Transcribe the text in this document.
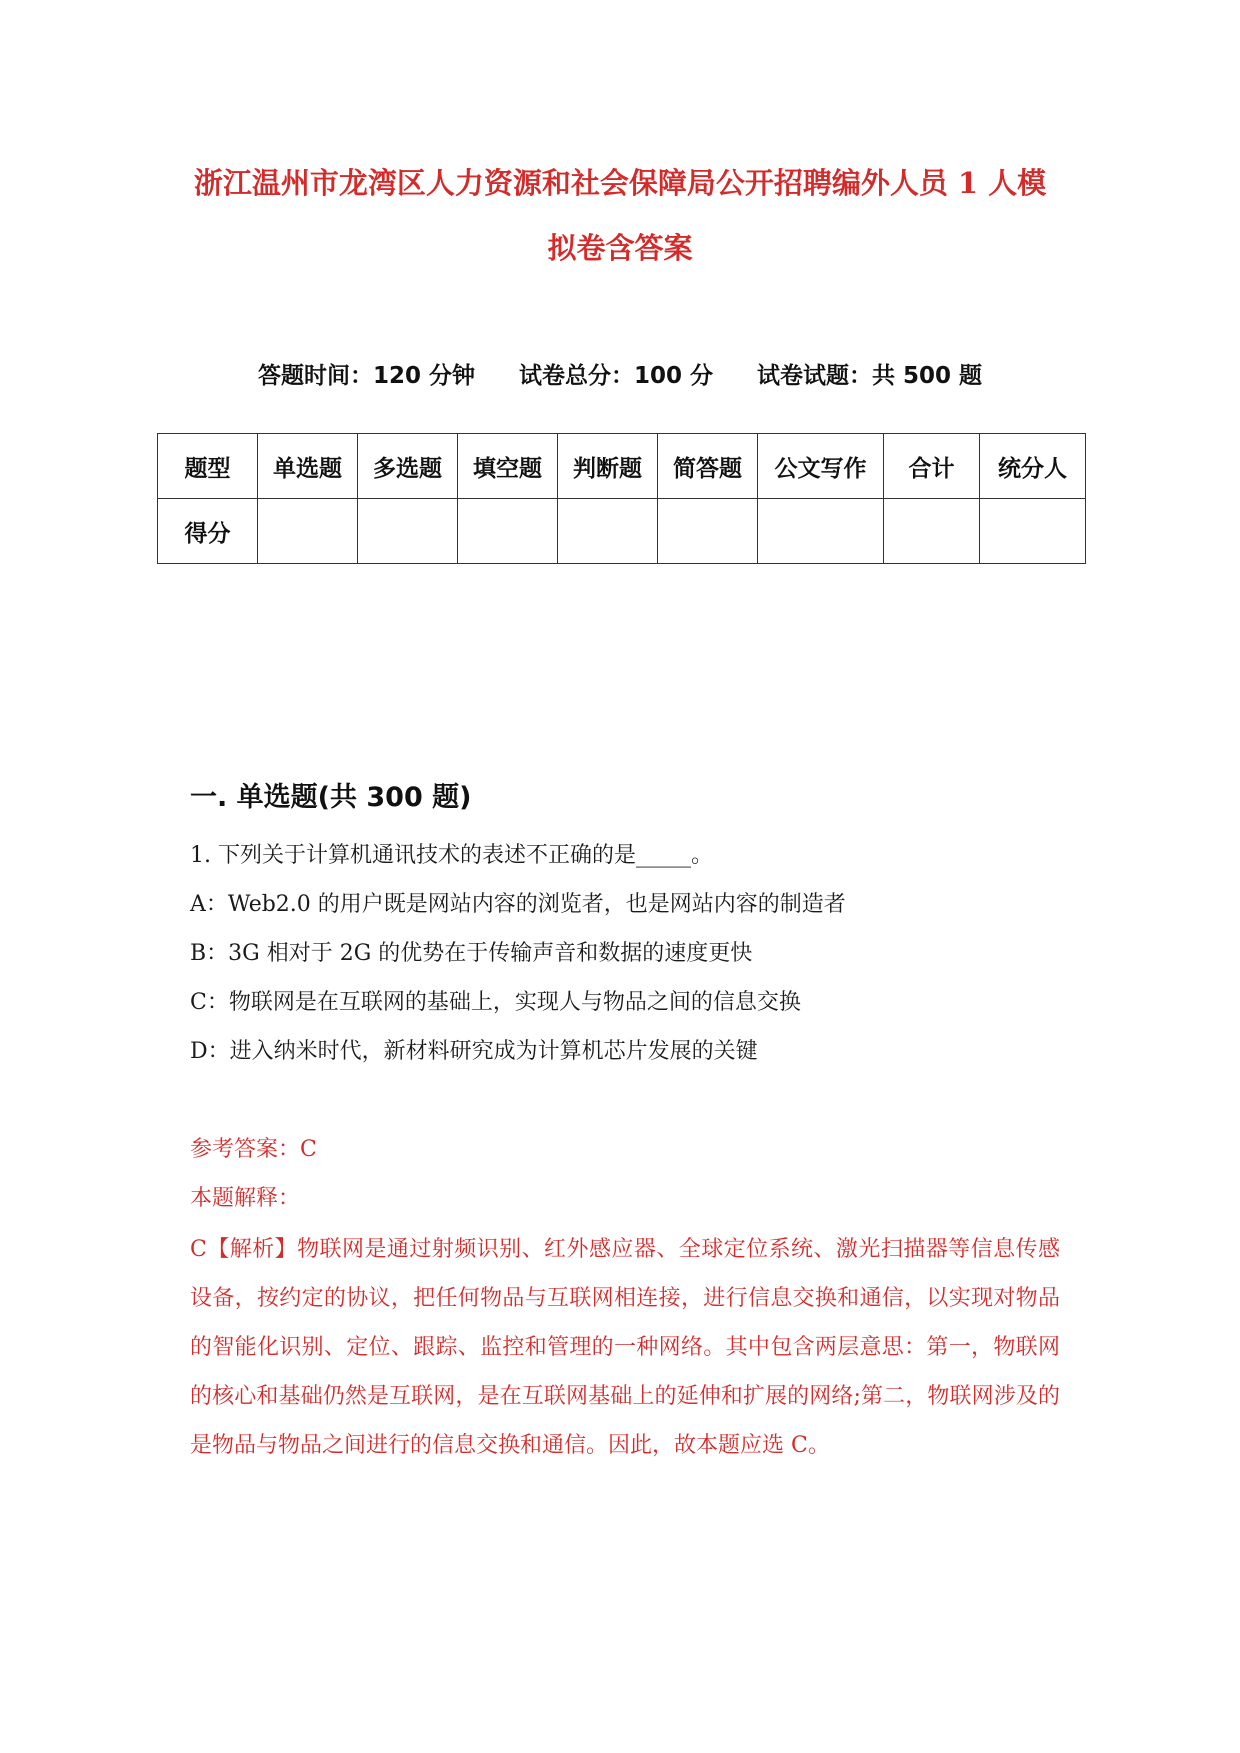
浙江温州市龙湾区人力资源和社会保障局公开招聘编外人员 1 人模
拟卷含答案
答题时间：120 分钟 试卷总分：100 分 试卷试题：共 500 题
题型	单选题	多选题	填空题	判断题	简答题	公文写作	合计	统分人
得分								
一. 单选题(共 300 题)
1. 下列关于计算机通讯技术的表述不正确的是_____。
A：Web2.0 的用户既是网站内容的浏览者，也是网站内容的制造者
B：3G 相对于 2G 的优势在于传输声音和数据的速度更快
C：物联网是在互联网的基础上，实现人与物品之间的信息交换
D：进入纳米时代，新材料研究成为计算机芯片发展的关键
参考答案：C
本题解释：
C【解析】物联网是通过射频识别、红外感应器、全球定位系统、激光扫描器等信息传感设备，按约定的协议，把任何物品与互联网相连接，进行信息交换和通信，以实现对物品的智能化识别、定位、跟踪、监控和管理的一种网络。其中包含两层意思：第一，物联网的核心和基础仍然是互联网，是在互联网基础上的延伸和扩展的网络;第二，物联网涉及的是物品与物品之间进行的信息交换和通信。因此，故本题应选 C。
